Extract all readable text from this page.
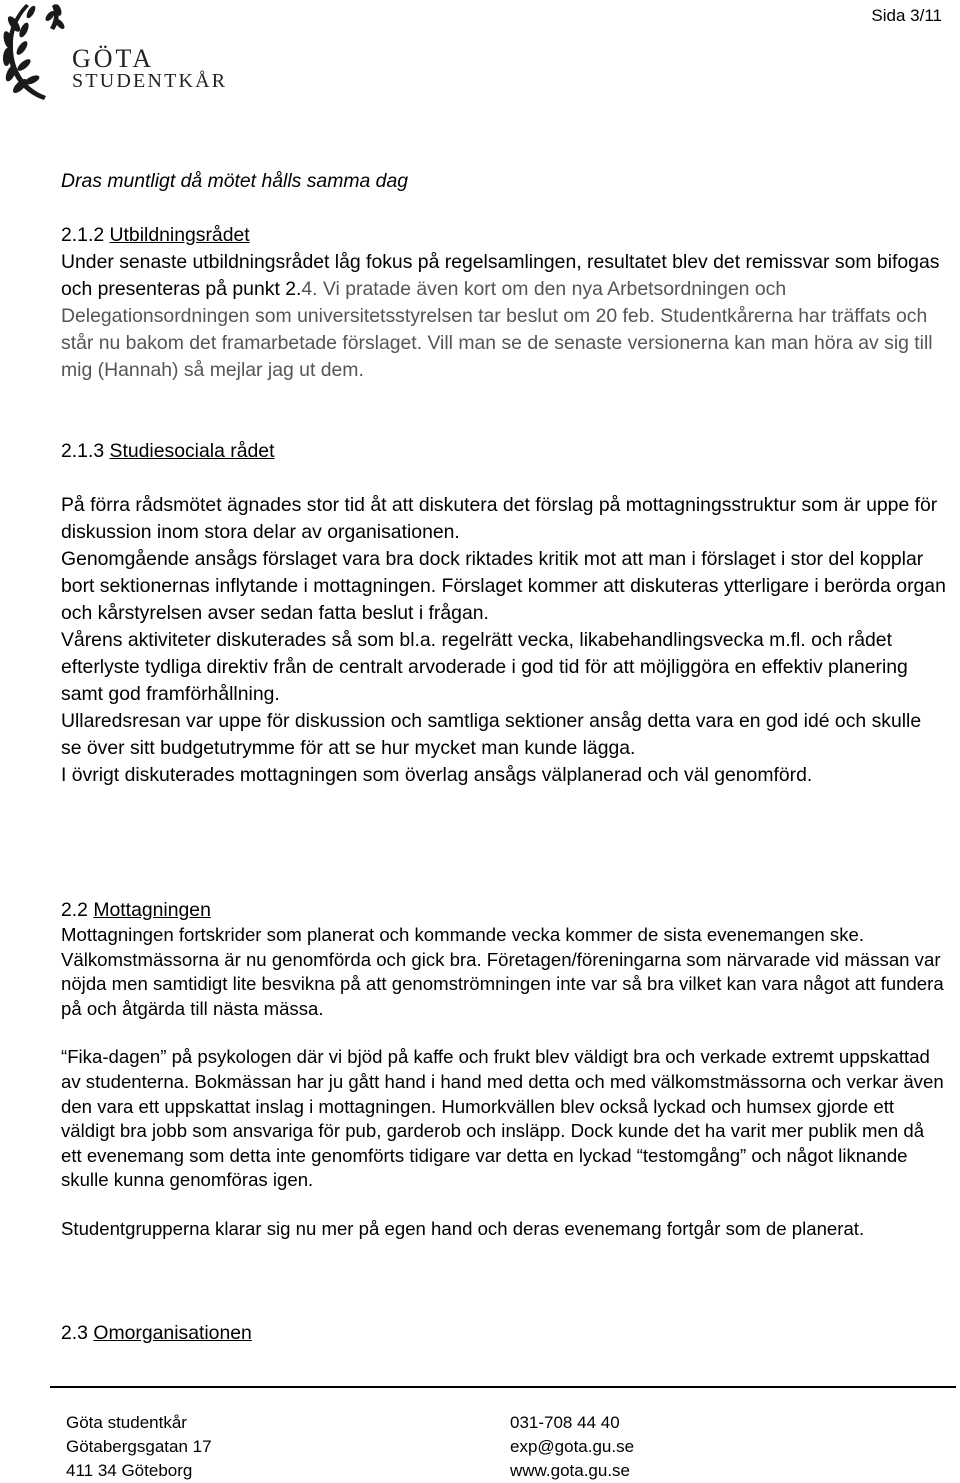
GÖTA
STUDENTKÅR
Sida 3/11
Dras muntligt då mötet hålls samma dag
2.1.2 Utbildningsrådet
Under senaste utbildningsrådet låg fokus på regelsamlingen, resultatet blev det remissvar som bifogas och presenteras på punkt 2.4. Vi pratade även kort om den nya Arbetsordningen och Delegationsordningen som universitetsstyrelsen tar beslut om 20 feb. Studentkårerna har träffats och står nu bakom det framarbetade förslaget. Vill man se de senaste versionerna kan man höra av sig till mig (Hannah) så mejlar jag ut dem.
2.1.3 Studiesociala rådet
På förra rådsmötet ägnades stor tid åt att diskutera det förslag på mottagningsstruktur som är uppe för diskussion inom stora delar av organisationen.
Genomgående ansågs förslaget vara bra dock riktades kritik mot att man i förslaget i stor del kopplar bort sektionernas inflytande i mottagningen. Förslaget kommer att diskuteras ytterligare i berörda organ och kårstyrelsen avser sedan fatta beslut i frågan.
Vårens aktiviteter diskuterades så som bl.a. regelrätt vecka, likabehandlingsvecka m.fl. och rådet efterlyste tydliga direktiv från de centralt arvoderade i god tid för att möjliggöra en effektiv planering samt god framförhållning.
Ullaredsresan var uppe för diskussion och samtliga sektioner ansåg detta vara en god idé och skulle se över sitt budgetutrymme för att se hur mycket man kunde lägga.
I övrigt diskuterades mottagningen som överlag ansågs välplanerad och väl genomförd.
2.2 Mottagningen
Mottagningen fortskrider som planerat och kommande vecka kommer de sista evenemangen ske. Välkomstmässorna är nu genomförda och gick bra. Företagen/föreningarna som närvarade vid mässan var nöjda men samtidigt lite besvikna på att genomströmningen inte var så bra vilket kan vara något att fundera på och åtgärda till nästa mässa.
“Fika-dagen” på psykologen där vi bjöd på kaffe och frukt blev väldigt bra och verkade extremt uppskattad av studenterna. Bokmässan har ju gått hand i hand med detta och med välkomstmässorna och verkar även den vara ett uppskattat inslag i mottagningen. Humorkvällen blev också lyckad och humsex gjorde ett väldigt bra jobb som ansvariga för pub, garderob och insläpp. Dock kunde det ha varit mer publik men då ett evenemang som detta inte genomförts tidigare var detta en lyckad “testomgång” och något liknande skulle kunna genomföras igen.
Studentgrupperna klarar sig nu mer på egen hand och deras evenemang fortgår som de planerat.
2.3 Omorganisationen
Göta studentkår
Götabergsgatan 17
411 34 Göteborg
031-708 44 40
exp@gota.gu.se
www.gota.gu.se
